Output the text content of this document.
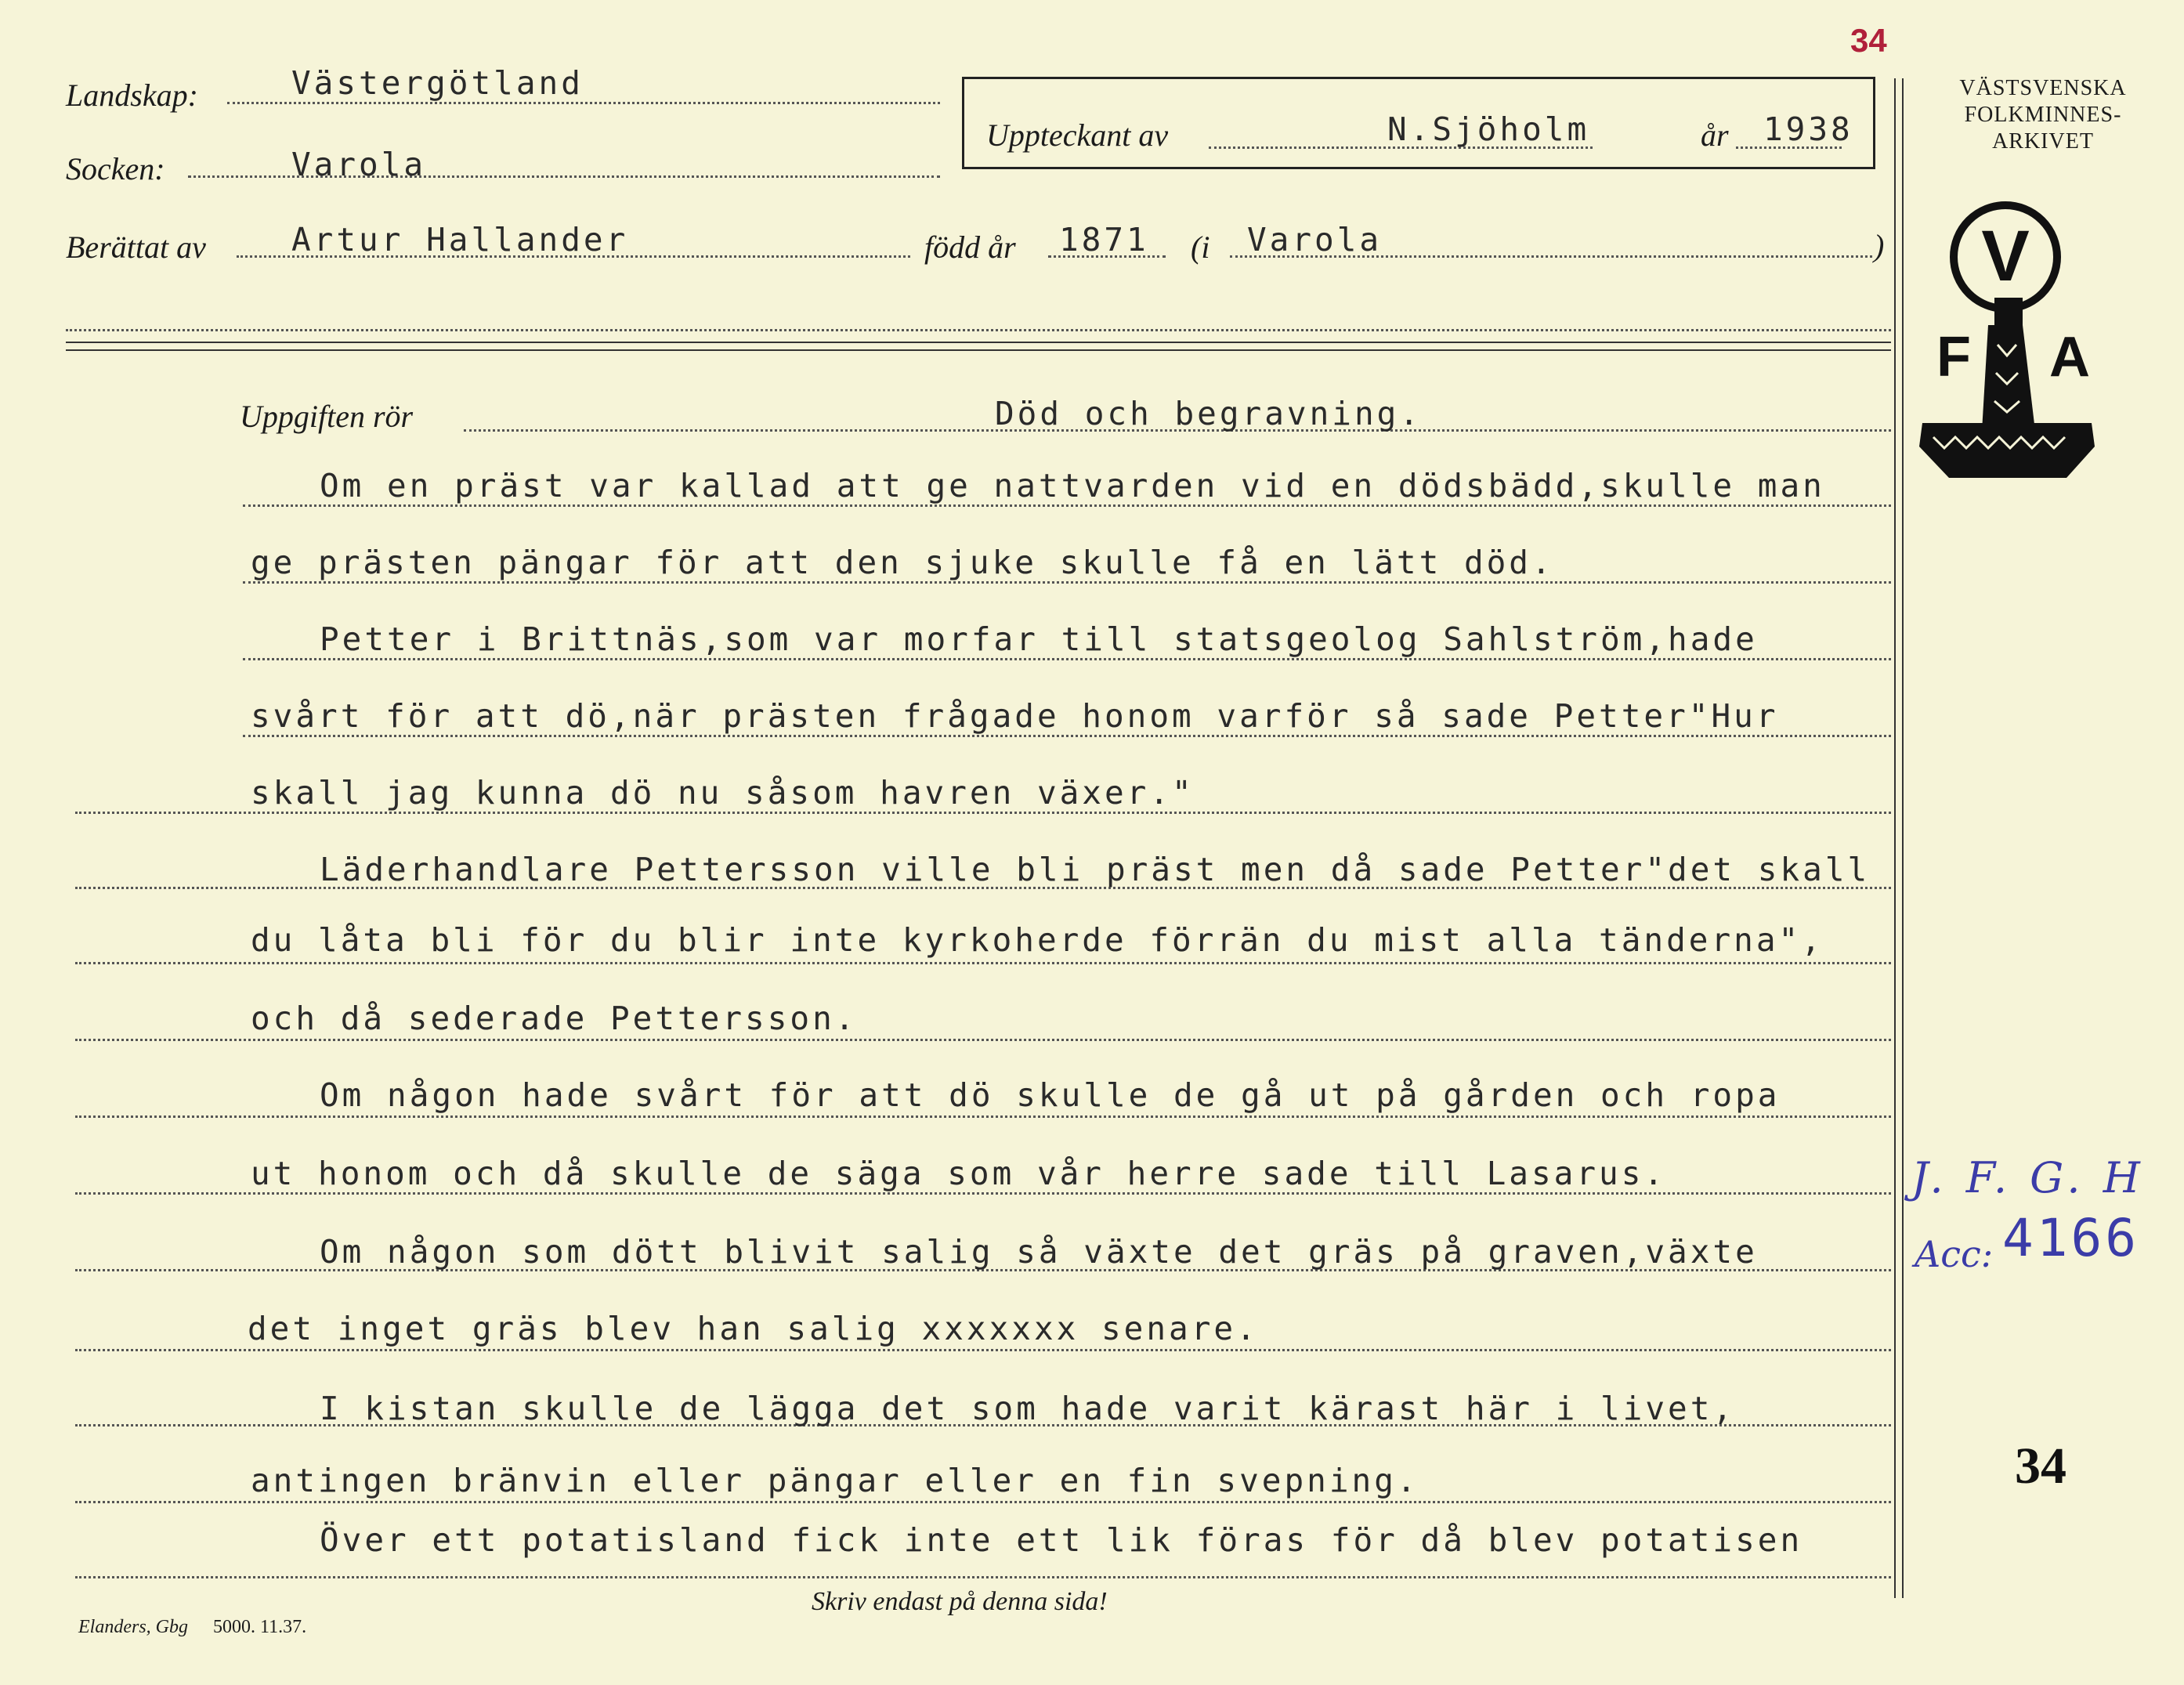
34
Landskap:	Västergötland
Socken:	Varola
Uppteckant av	N.Sjöholm	år 1938
Berättat av	Artur Hallander	född år 1871 (i Varola	)
VÄSTSVENSKA
FOLKMINNES-
ARKIVET
V
F A
Uppgiften rör	Död och begravning.
Om en präst var kallad att ge nattvarden vid en dödsbädd,skulle man
ge prästen pängar för att den sjuke skulle få en lätt död.
Petter i Brittnäs,som var morfar till statsgeolog Sahlström,hade
svårt för att dö,när prästen frågade honom varför så sade Petter"Hur
skall jag kunna dö nu såsom havren växer."
Läderhandlare Pettersson ville bli präst men då sade Petter"det skall
du låta bli för du blir inte kyrkoherde förrän du mist alla tänderna",
och då sederade Pettersson.
Om någon hade svårt för att dö skulle de gå ut på gården och ropa
ut honom och då skulle de säga som vår herre sade till Lasarus.
Om någon som dött blivit salig så växte det gräs på graven,växte
det inget gräs blev han salig xxxxxxx senare.
I kistan skulle de lägga det som hade varit kärast här i livet,
antingen bränvin eller pängar eller en fin svepning.
Över ett potatisland fick inte ett lik föras för då blev potatisen
J. F. G. H
Acc: 4166
34
Skriv endast på denna sida!
Elanders, Gbg 5000. 11.37.
